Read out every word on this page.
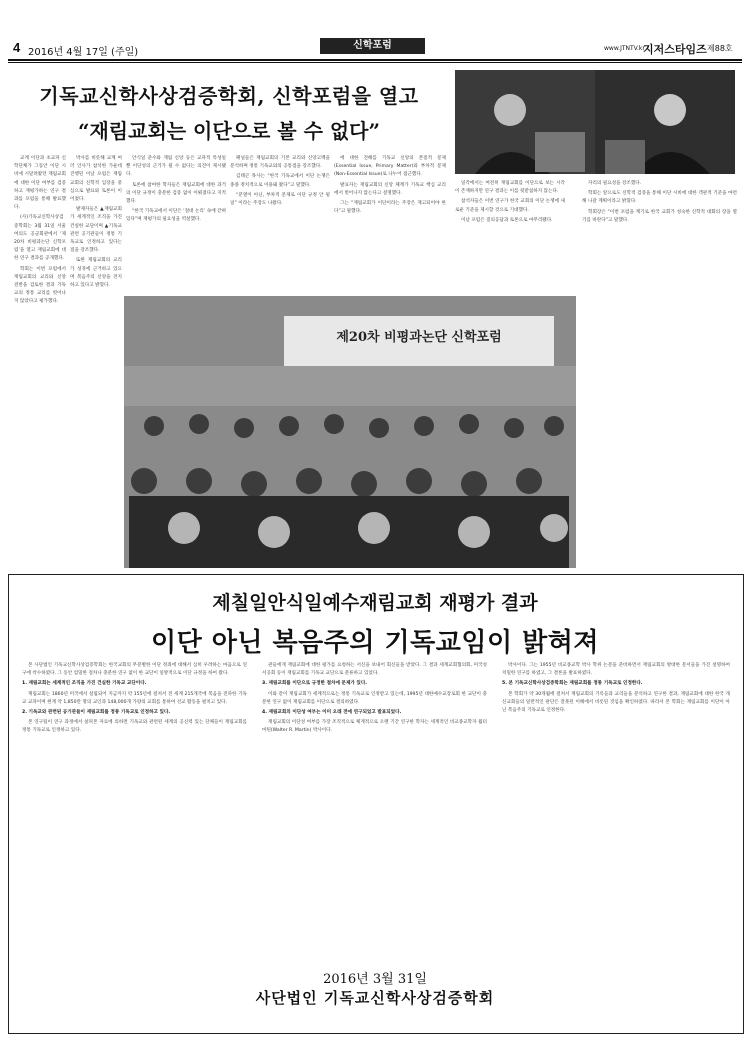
4 2016년 4월 17일 (주일)
신학포럼	www.JTNTV.kr
지저스타임즈 제88호
기독교신학사상검증학회, 신학포럼을 열고
“재림교회는 이단으로 볼 수 없다”
제20차 비평과논단 신학포럼

교계 이단과 초교파 신학단체가 그동안 이단 시비에 시달려왔던 재림교회에 대한 이단 여부를 검증하고 재평가하는 연구 결과를 포럼을 통해 발표했다.

(사)기독교신학사상검증학회는 3월 31일 서울 여의도 공군회관에서 ‘제20차 비평과논단 신학포럼’을 열고 재림교회에 대한 연구 결과를 공개했다.

학회는 이번 포럼에서 재림교회의 교리와 신앙 전반을 검토한 결과 기독교의 정통 교리를 벗어나지 않았다고 평가했다.

박사를 비롯해 교계 여러 인사가 참석한 가운데 진행된 이날 포럼은 재림교회의 신학적 입장을 중심으로 발표와 토론이 이어졌다.

발제자들은 ▲재림교회가 세계적인 조직을 가진 건실한 교단이며 ▲기독교 관련 공기관들이 정통 기독교로 인정하고 있다는 점을 강조했다.

또한 재림교회의 교리가 성경에 근거하고 있으며 복음주의 신앙을 견지하고 있다고 밝혔다.

안식일 준수와 재림 신앙 등은 교파적 특성일 뿐 이단성의 근거가 될 수 없다는 의견이 제시됐다.

토론에 참여한 학자들은 재림교회에 대한 과거의 이단 규정이 충분한 검증 없이 이뤄졌다고 지적했다.

“한국 기독교에서 이단은 ‘절대 논리’ 속에 갇혀 있다”며 재평가의 필요성을 역설했다.

패널들은 재림교회의 기본 교리와 신앙고백을 분석하며 정통 기독교와의 공통점을 강조했다.

김태곤 목사는 “한국 기독교에서 이단 논쟁은 종종 정치적으로 이용돼 왔다”고 말했다.

“분열이 아닌, 부차적 문제로 이단 규정 안 될 일” 이라는 주장도 나왔다.

에 대한 견해를 기독교 신앙의 본질적 문제(Essential Issue, Primary Matter)와 부차적 문제(Non-Essential Issue)로 나누어 접근했다.

발표자는 재림교회의 신앙 체계가 기독교 핵심 교리에서 벗어나지 않는다고 설명했다.

그는 “재림교회가 이단이라는 주장은 재고되어야 한다”고 말했다.

일각에서는 여전히 재림교회를 이단으로 보는 시각이 존재하지만 연구 결과는 이를 뒷받침하지 않는다.

참석자들은 이번 연구가 한국 교회의 이단 논쟁에 새로운 기준을 제시할 것으로 기대했다.

이날 포럼은 질의응답과 토론으로 마무리됐다.

자리의 필요성을 강조했다.

학회는 앞으로도 신학적 검증을 통해 이단 시비에 대한 객관적 기준을 마련해 나갈 계획이라고 밝혔다.

학회장은 “이번 포럼을 계기로 한국 교회가 성숙한 신학적 대화의 장을 열기를 바란다”고 말했다.

제칠일안식일예수재림교회 재평가 결과
이단 아닌 복음주의 기독교임이 밝혀져

본 사단법인 기독교신학사상검증학회는 한국교회의 무분별한 이단 정죄에 대해서 심히 우려하는 마음으로 연구에 착수하였다. 그 동안 엄밀한 절차나 충분한 연구 없이 한 교단이 일방적으로 이단 규정을 하여 왔다.

1. 재림교회는 세계적인 조직을 가진 건실한 기독교 교단이다.

재림교회는 1860년 미국에서 설립되어 지금까지 약 155년에 걸쳐서 전 세계 215개국에 복음을 전파한 기독교 교파이며 현재 약 1,850만 명의 교인과 148,000개 가량의 교회를 통하여 선교 활동을 펼치고 있다.

2. 기독교와 관련된 공기관들이 재림교회를 정통 기독교로 인정하고 있다.

본 연구팀이 연구 과정에서 살펴본 자료에 의하면 기독교와 관련된 세계의 공신력 있는 단체들이 재림교회를 정통 기독교로 인정하고 있다.

관들에게 재림교회에 대한 평가를 요청하는 서신을 보내어 회신들을 받았다. 그 결과 세계교회협의회, 미국성서공회 등이 재림교회를 기독교 교단으로 분류하고 있었다.

3. 재림교회를 이단으로 규정한 절차에 문제가 있다.

이와 같이 재림교회가 세계적으로는 정통 기독교로 인정받고 있는데, 1995년 대한예수교장로회 한 교단이 충분한 연구 없이 재림교회를 이단으로 결의하였다.

4. 재림교회의 이단성 여부는 이미 오래 전에 연구되었고 발표되었다.

재림교회의 이단성 여부를 가장 조직적으로 체계적으로 오랜 기간 연구한 학자는 세계적인 비교종교학자 월터 마틴(Walter R. Martin) 박사이다.

박사이다. 그는 1955년 비교종교학 박사 학위 논문을 준비하면서 재림교회의 방대한 문서들을 가진 설명하여 치밀한 연구를 하였고, 그 결론을 발표하였다.

5. 본 기독교신학사상검증학회는 재림교회를 정통 기독교로 인정한다.

본 학회가 약 30개월에 걸쳐서 재림교회의 기록들과 교리들을 분석하고 연구한 결과, 재림교회에 대한 한국 개신교회들의 일반적인 판단은 잘못된 이해에서 비롯된 것임을 확인하였다. 따라서 본 학회는 재림교회를 이단이 아닌 복음주의 기독교로 인정한다.

2016년 3월 31일
사단법인 기독교신학사상검증학회
